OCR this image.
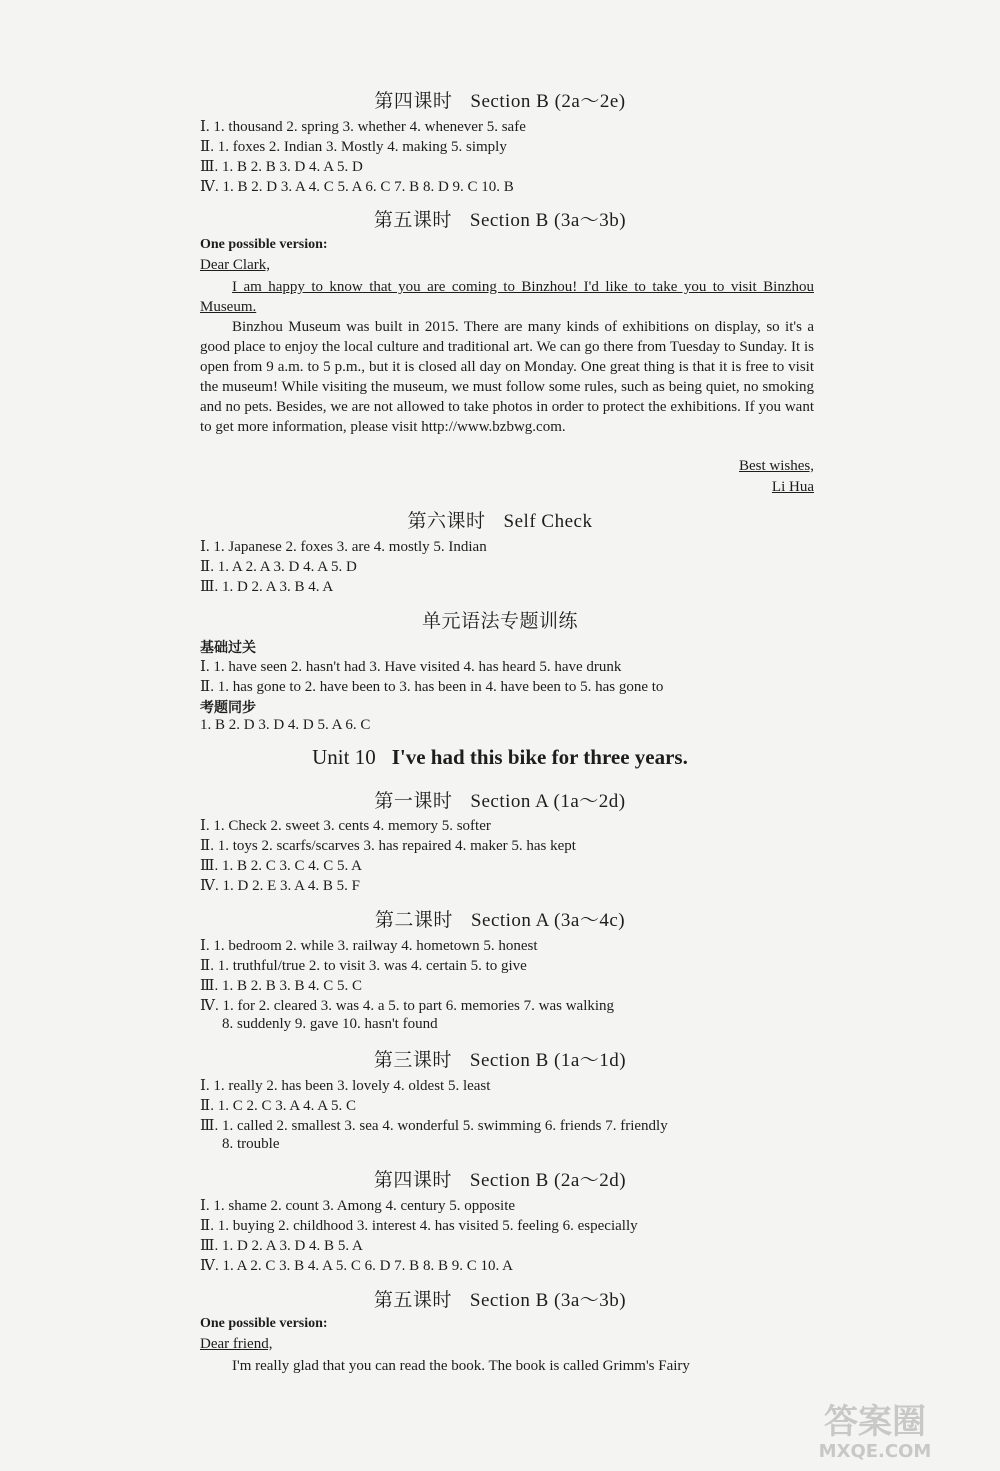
第四课时 Section B (2a～2e)
Ⅰ. 1. thousand 2. spring 3. whether 4. whenever 5. safe
Ⅱ. 1. foxes 2. Indian 3. Mostly 4. making 5. simply
Ⅲ. 1. B 2. B 3. D 4. A 5. D
Ⅳ. 1. B 2. D 3. A 4. C 5. A 6. C 7. B 8. D 9. C 10. B
第五课时 Section B (3a～3b)
One possible version:
Dear Clark,
I am happy to know that you are coming to Binzhou! I'd like to take you to visit Binzhou Museum.
Binzhou Museum was built in 2015. There are many kinds of exhibitions on display, so it's a good place to enjoy the local culture and traditional art. We can go there from Tuesday to Sunday. It is open from 9 a.m. to 5 p.m., but it is closed all day on Monday. One great thing is that it is free to visit the museum! While visiting the museum, we must follow some rules, such as being quiet, no smoking and no pets. Besides, we are not allowed to take photos in order to protect the exhibitions. If you want to get more information, please visit http://www.bzbwg.com.
Best wishes,
Li Hua
第六课时 Self Check
Ⅰ. 1. Japanese 2. foxes 3. are 4. mostly 5. Indian
Ⅱ. 1. A 2. A 3. D 4. A 5. D
Ⅲ. 1. D 2. A 3. B 4. A
单元语法专题训练
基础过关
Ⅰ. 1. have seen 2. hasn't had 3. Have visited 4. has heard 5. have drunk
Ⅱ. 1. has gone to 2. have been to 3. has been in 4. have been to 5. has gone to
考题同步
1. B 2. D 3. D 4. D 5. A 6. C
Unit 10 I've had this bike for three years.
第一课时 Section A (1a～2d)
Ⅰ. 1. Check 2. sweet 3. cents 4. memory 5. softer
Ⅱ. 1. toys 2. scarfs/scarves 3. has repaired 4. maker 5. has kept
Ⅲ. 1. B 2. C 3. C 4. C 5. A
Ⅳ. 1. D 2. E 3. A 4. B 5. F
第二课时 Section A (3a～4c)
Ⅰ. 1. bedroom 2. while 3. railway 4. hometown 5. honest
Ⅱ. 1. truthful/true 2. to visit 3. was 4. certain 5. to give
Ⅲ. 1. B 2. B 3. B 4. C 5. C
Ⅳ. 1. for 2. cleared 3. was 4. a 5. to part 6. memories 7. was walking
8. suddenly 9. gave 10. hasn't found
第三课时 Section B (1a～1d)
Ⅰ. 1. really 2. has been 3. lovely 4. oldest 5. least
Ⅱ. 1. C 2. C 3. A 4. A 5. C
Ⅲ. 1. called 2. smallest 3. sea 4. wonderful 5. swimming 6. friends 7. friendly
8. trouble
第四课时 Section B (2a～2d)
Ⅰ. 1. shame 2. count 3. Among 4. century 5. opposite
Ⅱ. 1. buying 2. childhood 3. interest 4. has visited 5. feeling 6. especially
Ⅲ. 1. D 2. A 3. D 4. B 5. A
Ⅳ. 1. A 2. C 3. B 4. A 5. C 6. D 7. B 8. B 9. C 10. A
第五课时 Section B (3a～3b)
One possible version:
Dear friend,
I'm really glad that you can read the book. The book is called Grimm's Fairy
答案圈
MXQE.COM
